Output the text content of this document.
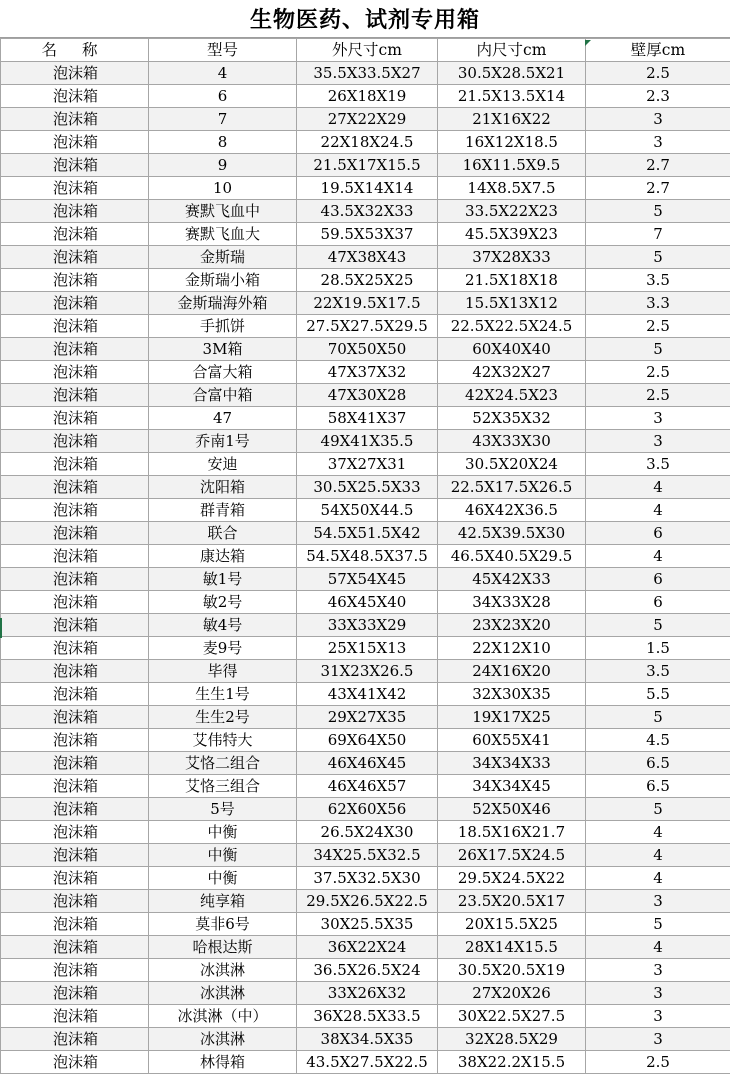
生物医药、试剂专用箱
名 称	型号	外尺寸cm	内尺寸cm	壁厚cm
泡沫箱	4	35.5X33.5X27	30.5X28.5X21	2.5
泡沫箱	6	26X18X19	21.5X13.5X14	2.3
泡沫箱	7	27X22X29	21X16X22	3
泡沫箱	8	22X18X24.5	16X12X18.5	3
泡沫箱	9	21.5X17X15.5	16X11.5X9.5	2.7
泡沫箱	10	19.5X14X14	14X8.5X7.5	2.7
泡沫箱	赛默飞血中	43.5X32X33	33.5X22X23	5
泡沫箱	赛默飞血大	59.5X53X37	45.5X39X23	7
泡沫箱	金斯瑞	47X38X43	37X28X33	5
泡沫箱	金斯瑞小箱	28.5X25X25	21.5X18X18	3.5
泡沫箱	金斯瑞海外箱	22X19.5X17.5	15.5X13X12	3.3
泡沫箱	手抓饼	27.5X27.5X29.5	22.5X22.5X24.5	2.5
泡沫箱	3M箱	70X50X50	60X40X40	5
泡沫箱	合富大箱	47X37X32	42X32X27	2.5
泡沫箱	合富中箱	47X30X28	42X24.5X23	2.5
泡沫箱	47	58X41X37	52X35X32	3
泡沫箱	乔南1号	49X41X35.5	43X33X30	3
泡沫箱	安迪	37X27X31	30.5X20X24	3.5
泡沫箱	沈阳箱	30.5X25.5X33	22.5X17.5X26.5	4
泡沫箱	群青箱	54X50X44.5	46X42X36.5	4
泡沫箱	联合	54.5X51.5X42	42.5X39.5X30	6
泡沫箱	康达箱	54.5X48.5X37.5	46.5X40.5X29.5	4
泡沫箱	敏1号	57X54X45	45X42X33	6
泡沫箱	敏2号	46X45X40	34X33X28	6
泡沫箱	敏4号	33X33X29	23X23X20	5
泡沫箱	麦9号	25X15X13	22X12X10	1.5
泡沫箱	毕得	31X23X26.5	24X16X20	3.5
泡沫箱	生生1号	43X41X42	32X30X35	5.5
泡沫箱	生生2号	29X27X35	19X17X25	5
泡沫箱	艾伟特大	69X64X50	60X55X41	4.5
泡沫箱	艾恪二组合	46X46X45	34X34X33	6.5
泡沫箱	艾恪三组合	46X46X57	34X34X45	6.5
泡沫箱	5号	62X60X56	52X50X46	5
泡沫箱	中衡	26.5X24X30	18.5X16X21.7	4
泡沫箱	中衡	34X25.5X32.5	26X17.5X24.5	4
泡沫箱	中衡	37.5X32.5X30	29.5X24.5X22	4
泡沫箱	纯享箱	29.5X26.5X22.5	23.5X20.5X17	3
泡沫箱	莫非6号	30X25.5X35	20X15.5X25	5
泡沫箱	哈根达斯	36X22X24	28X14X15.5	4
泡沫箱	冰淇淋	36.5X26.5X24	30.5X20.5X19	3
泡沫箱	冰淇淋	33X26X32	27X20X26	3
泡沫箱	冰淇淋（中）	36X28.5X33.5	30X22.5X27.5	3
泡沫箱	冰淇淋	38X34.5X35	32X28.5X29	3
泡沫箱	林得箱	43.5X27.5X22.5	38X22.2X15.5	2.5
